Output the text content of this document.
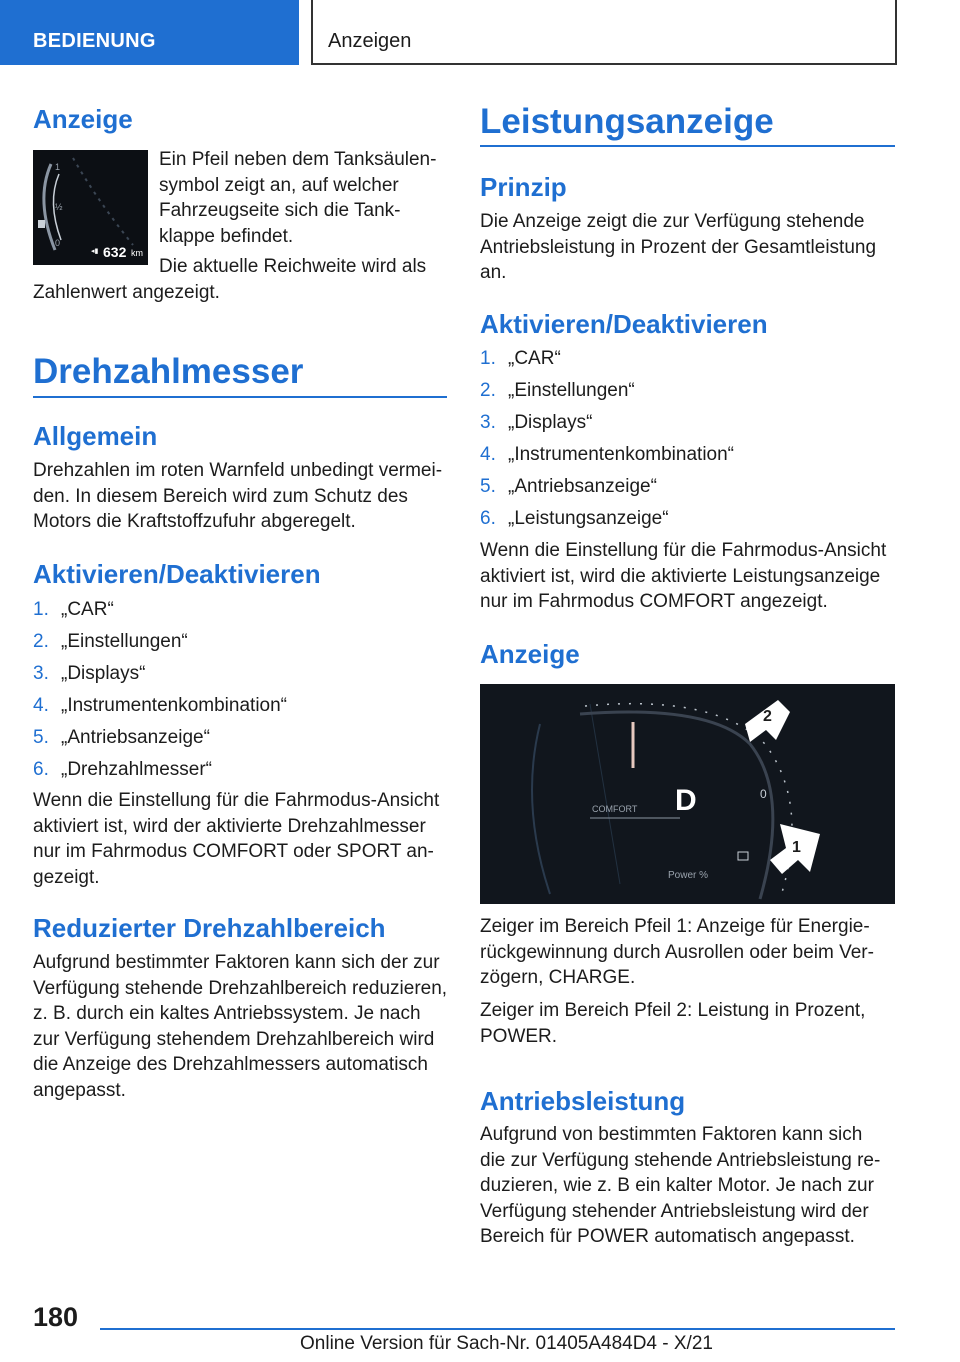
BEDIENUNG	Anzeigen
Anzeige
◂▮
1
½
0
632 km
Ein Pfeil neben dem Tanksäulen-
symbol zeigt an, auf welcher
Fahrzeugseite sich die Tank-
klappe befindet.
Die aktuelle Reichweite wird als
Zahlenwert angezeigt.
Drehzahlmesser
Allgemein
Drehzahlen im roten Warnfeld unbedingt vermei-
den. In diesem Bereich wird zum Schutz des
Motors die Kraftstoffzufuhr abgeregelt.
Aktivieren/Deaktivieren
1. „CAR“
2. „Einstellungen“
3. „Displays“
4. „Instrumentenkombination“
5. „Antriebsanzeige“
6. „Drehzahlmesser“
Wenn die Einstellung für die Fahrmodus-Ansicht
aktiviert ist, wird der aktivierte Drehzahlmesser
nur im Fahrmodus COMFORT oder SPORT an-
gezeigt.
Reduzierter Drehzahlbereich
Aufgrund bestimmter Faktoren kann sich der zur
Verfügung stehende Drehzahlbereich reduzieren,
z. B. durch ein kaltes Antriebssystem. Je nach
zur Verfügung stehendem Drehzahlbereich wird
die Anzeige des Drehzahlmessers automatisch
angepasst.
Leistungsanzeige
Prinzip
Die Anzeige zeigt die zur Verfügung stehende
Antriebsleistung in Prozent der Gesamtleistung
an.
Aktivieren/Deaktivieren
1. „CAR“
2. „Einstellungen“
3. „Displays“
4. „Instrumentenkombination“
5. „Antriebsanzeige“
6. „Leistungsanzeige“
Wenn die Einstellung für die Fahrmodus-Ansicht
aktiviert ist, wird die aktivierte Leistungsanzeige
nur im Fahrmodus COMFORT angezeigt.
Anzeige
D
COMFORT
Power %
0
2
1
Zeiger im Bereich Pfeil 1: Anzeige für Energie-
rückgewinnung durch Ausrollen oder beim Ver-
zögern, CHARGE.
Zeiger im Bereich Pfeil 2: Leistung in Prozent,
POWER.
Antriebsleistung
Aufgrund von bestimmten Faktoren kann sich
die zur Verfügung stehende Antriebsleistung re-
duzieren, wie z. B ein kalter Motor. Je nach zur
Verfügung stehender Antriebsleistung wird der
Bereich für POWER automatisch angepasst.
180
Online Version für Sach-Nr. 01405A484D4 - X/21
